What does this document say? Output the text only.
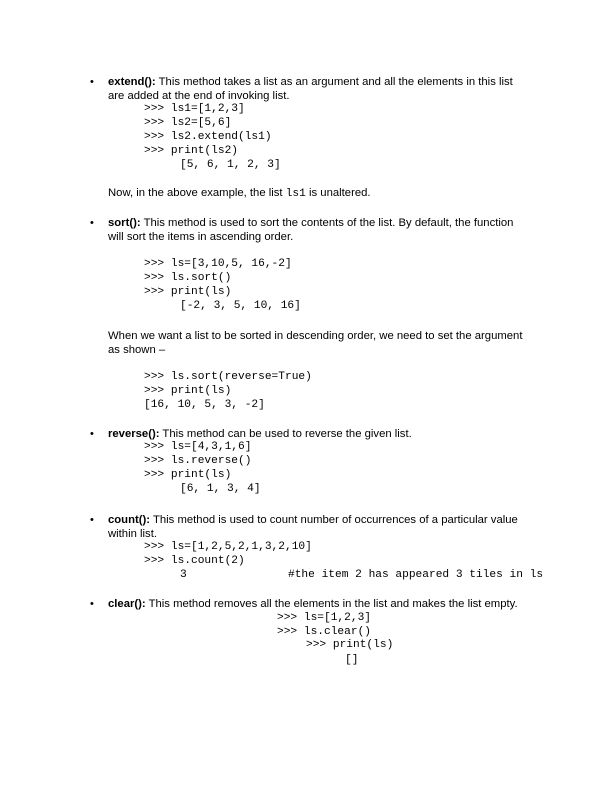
• extend(): This method takes a list as an argument and all the elements in this list
are added at the end of invoking list.
>>> ls1=[1,2,3]
>>> ls2=[5,6]
>>> ls2.extend(ls1)
>>> print(ls2)
[5, 6, 1, 2, 3]
Now, in the above example, the list ls1 is unaltered.
• sort(): This method is used to sort the contents of the list. By default, the function
will sort the items in ascending order.
>>> ls=[3,10,5, 16,-2]
>>> ls.sort()
>>> print(ls)
[-2, 3, 5, 10, 16]
When we want a list to be sorted in descending order, we need to set the argument
as shown –
>>> ls.sort(reverse=True)
>>> print(ls)
[16, 10, 5, 3, -2]
• reverse(): This method can be used to reverse the given list.
>>> ls=[4,3,1,6]
>>> ls.reverse()
>>> print(ls)
[6, 1, 3, 4]
• count(): This method is used to count number of occurrences of a particular value
within list.
>>> ls=[1,2,5,2,1,3,2,10]
>>> ls.count(2)
3	#the item 2 has appeared 3 tiles in ls
• clear(): This method removes all the elements in the list and makes the list empty.
>>> ls=[1,2,3]
>>> ls.clear()
>>> print(ls)
[]
